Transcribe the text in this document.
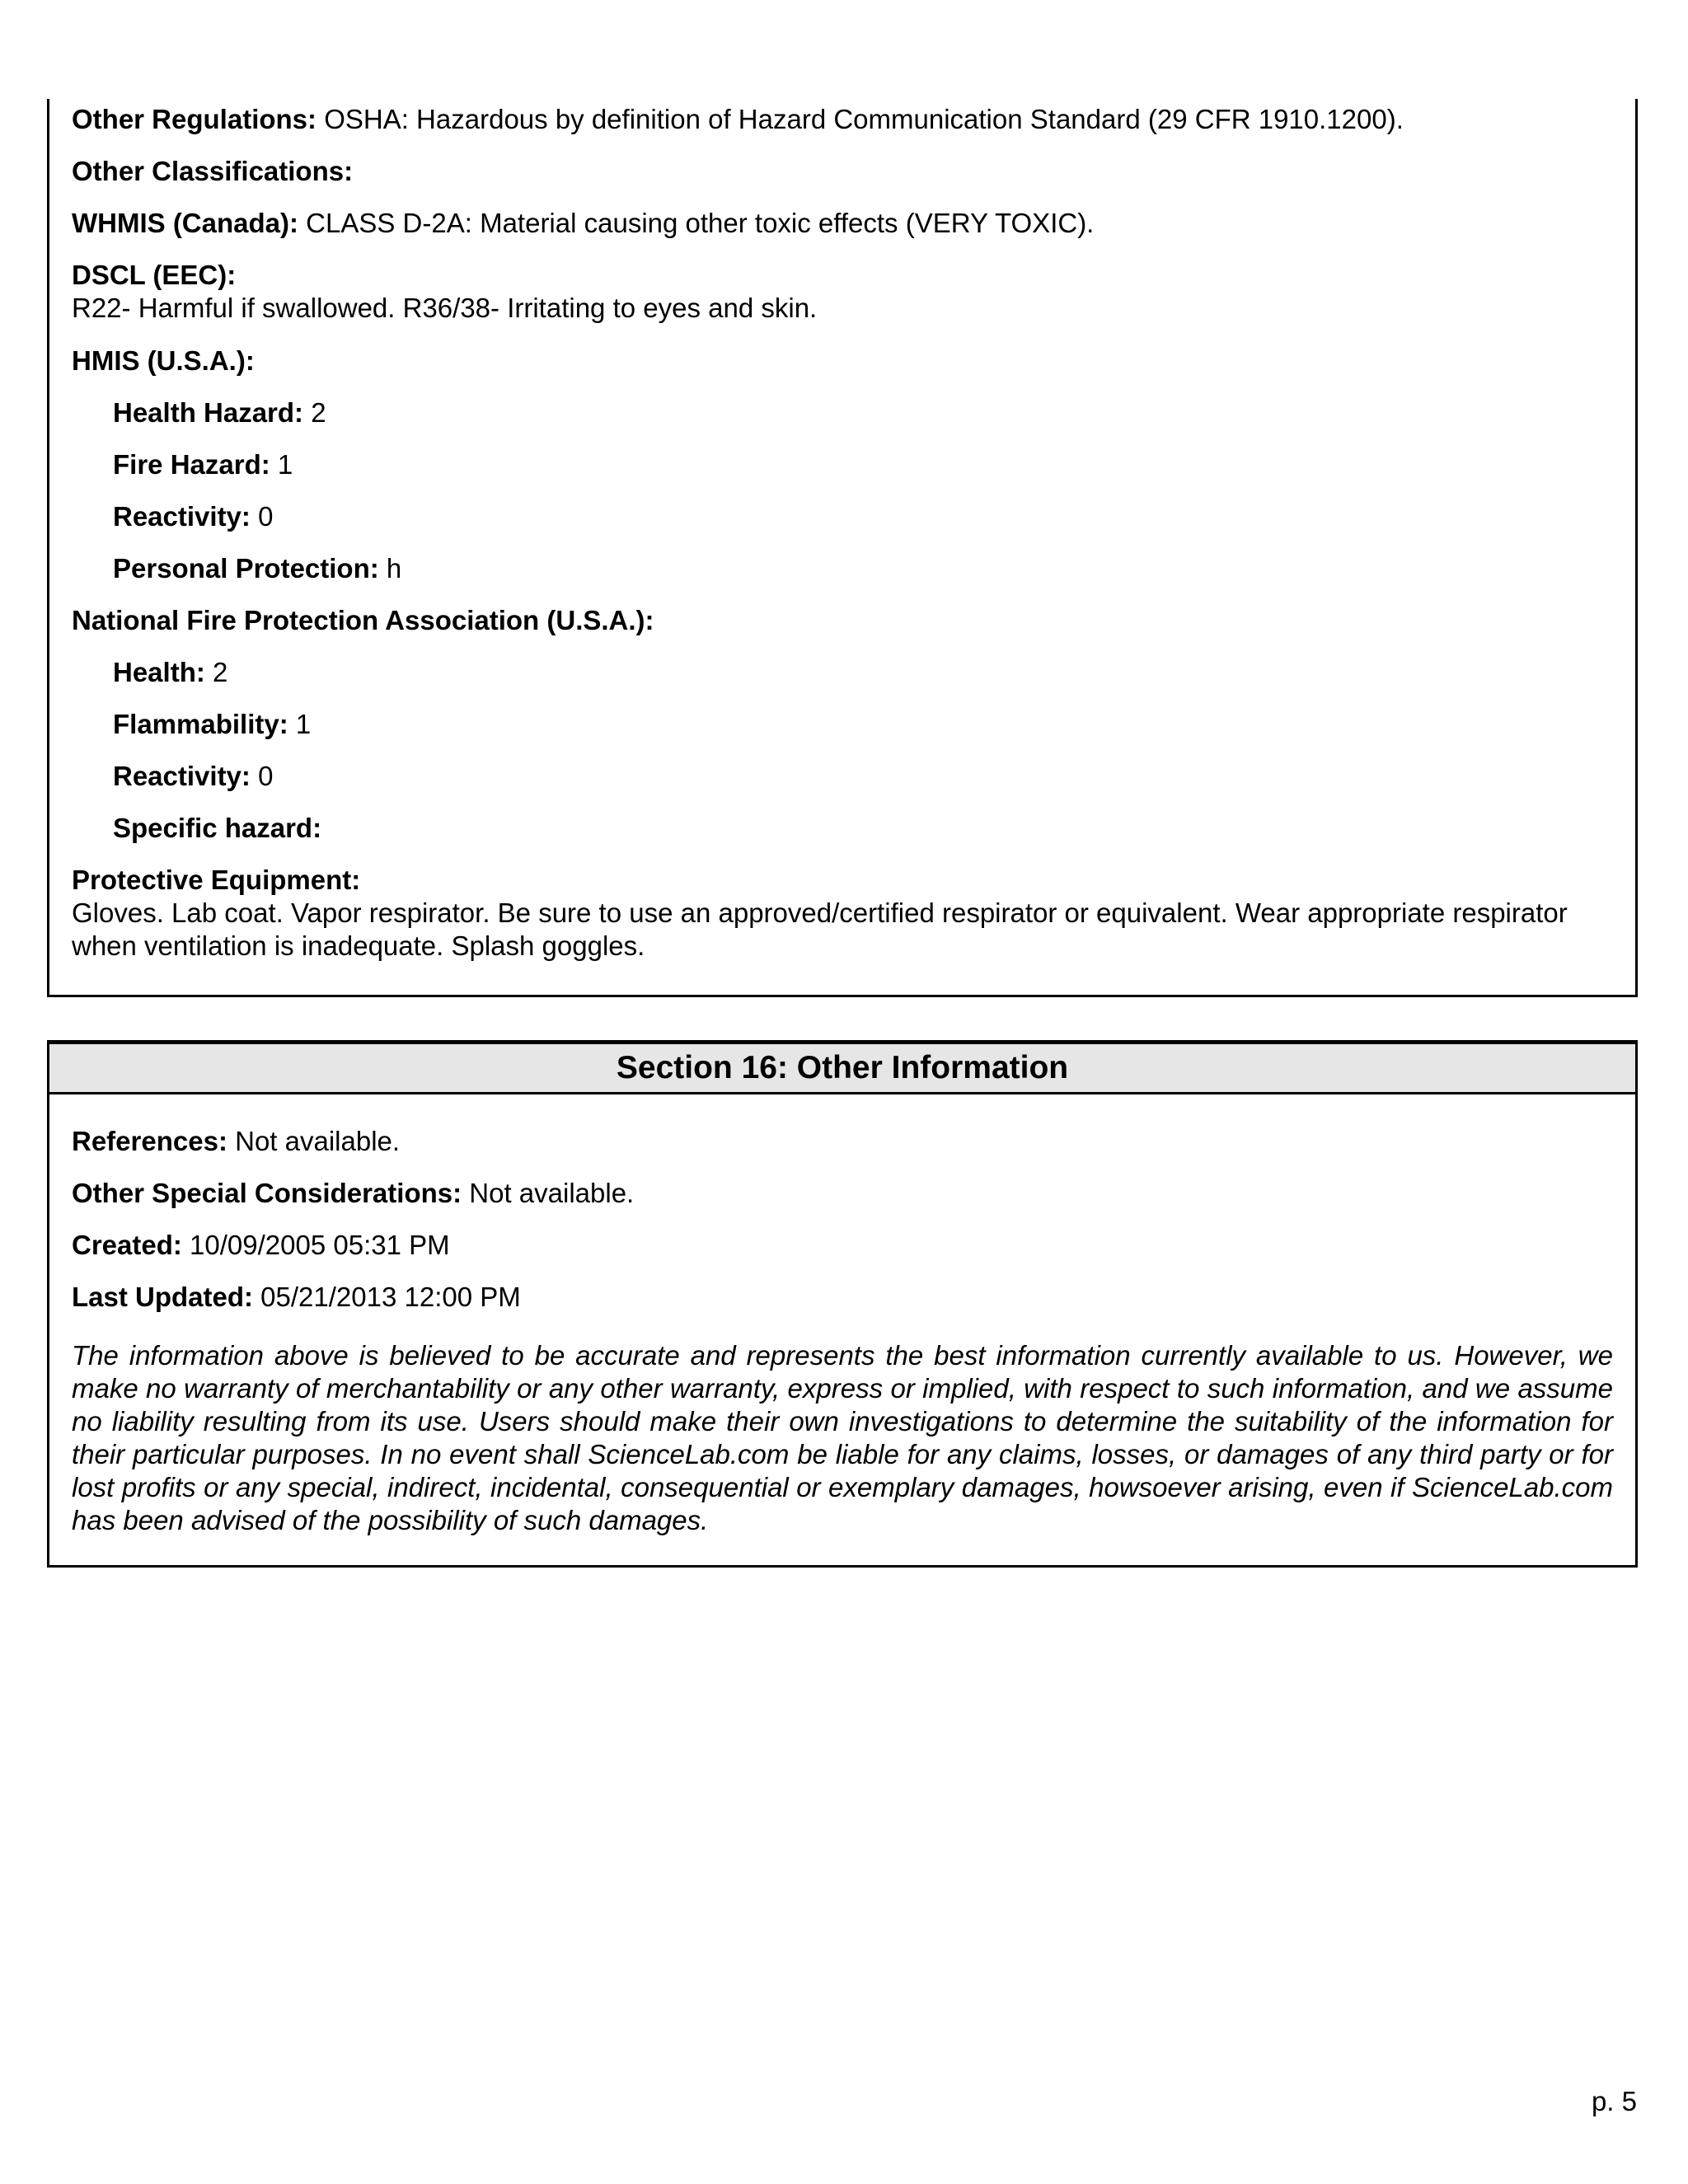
Other Regulations: OSHA: Hazardous by definition of Hazard Communication Standard (29 CFR 1910.1200).

Other Classifications:

WHMIS (Canada): CLASS D-2A: Material causing other toxic effects (VERY TOXIC).

DSCL (EEC):
R22- Harmful if swallowed. R36/38- Irritating to eyes and skin.

HMIS (U.S.A.):

Health Hazard: 2

Fire Hazard: 1

Reactivity: 0

Personal Protection: h

National Fire Protection Association (U.S.A.):

Health: 2

Flammability: 1

Reactivity: 0

Specific hazard:

Protective Equipment:
Gloves. Lab coat. Vapor respirator. Be sure to use an approved/certified respirator or equivalent. Wear appropriate respirator when ventilation is inadequate. Splash goggles.

Section 16: Other Information

References: Not available.

Other Special Considerations: Not available.

Created: 10/09/2005 05:31 PM

Last Updated: 05/21/2013 12:00 PM

The information above is believed to be accurate and represents the best information currently available to us. However, we make no warranty of merchantability or any other warranty, express or implied, with respect to such information, and we assume no liability resulting from its use. Users should make their own investigations to determine the suitability of the information for their particular purposes. In no event shall ScienceLab.com be liable for any claims, losses, or damages of any third party or for lost profits or any special, indirect, incidental, consequential or exemplary damages, howsoever arising, even if ScienceLab.com has been advised of the possibility of such damages.

p. 5
